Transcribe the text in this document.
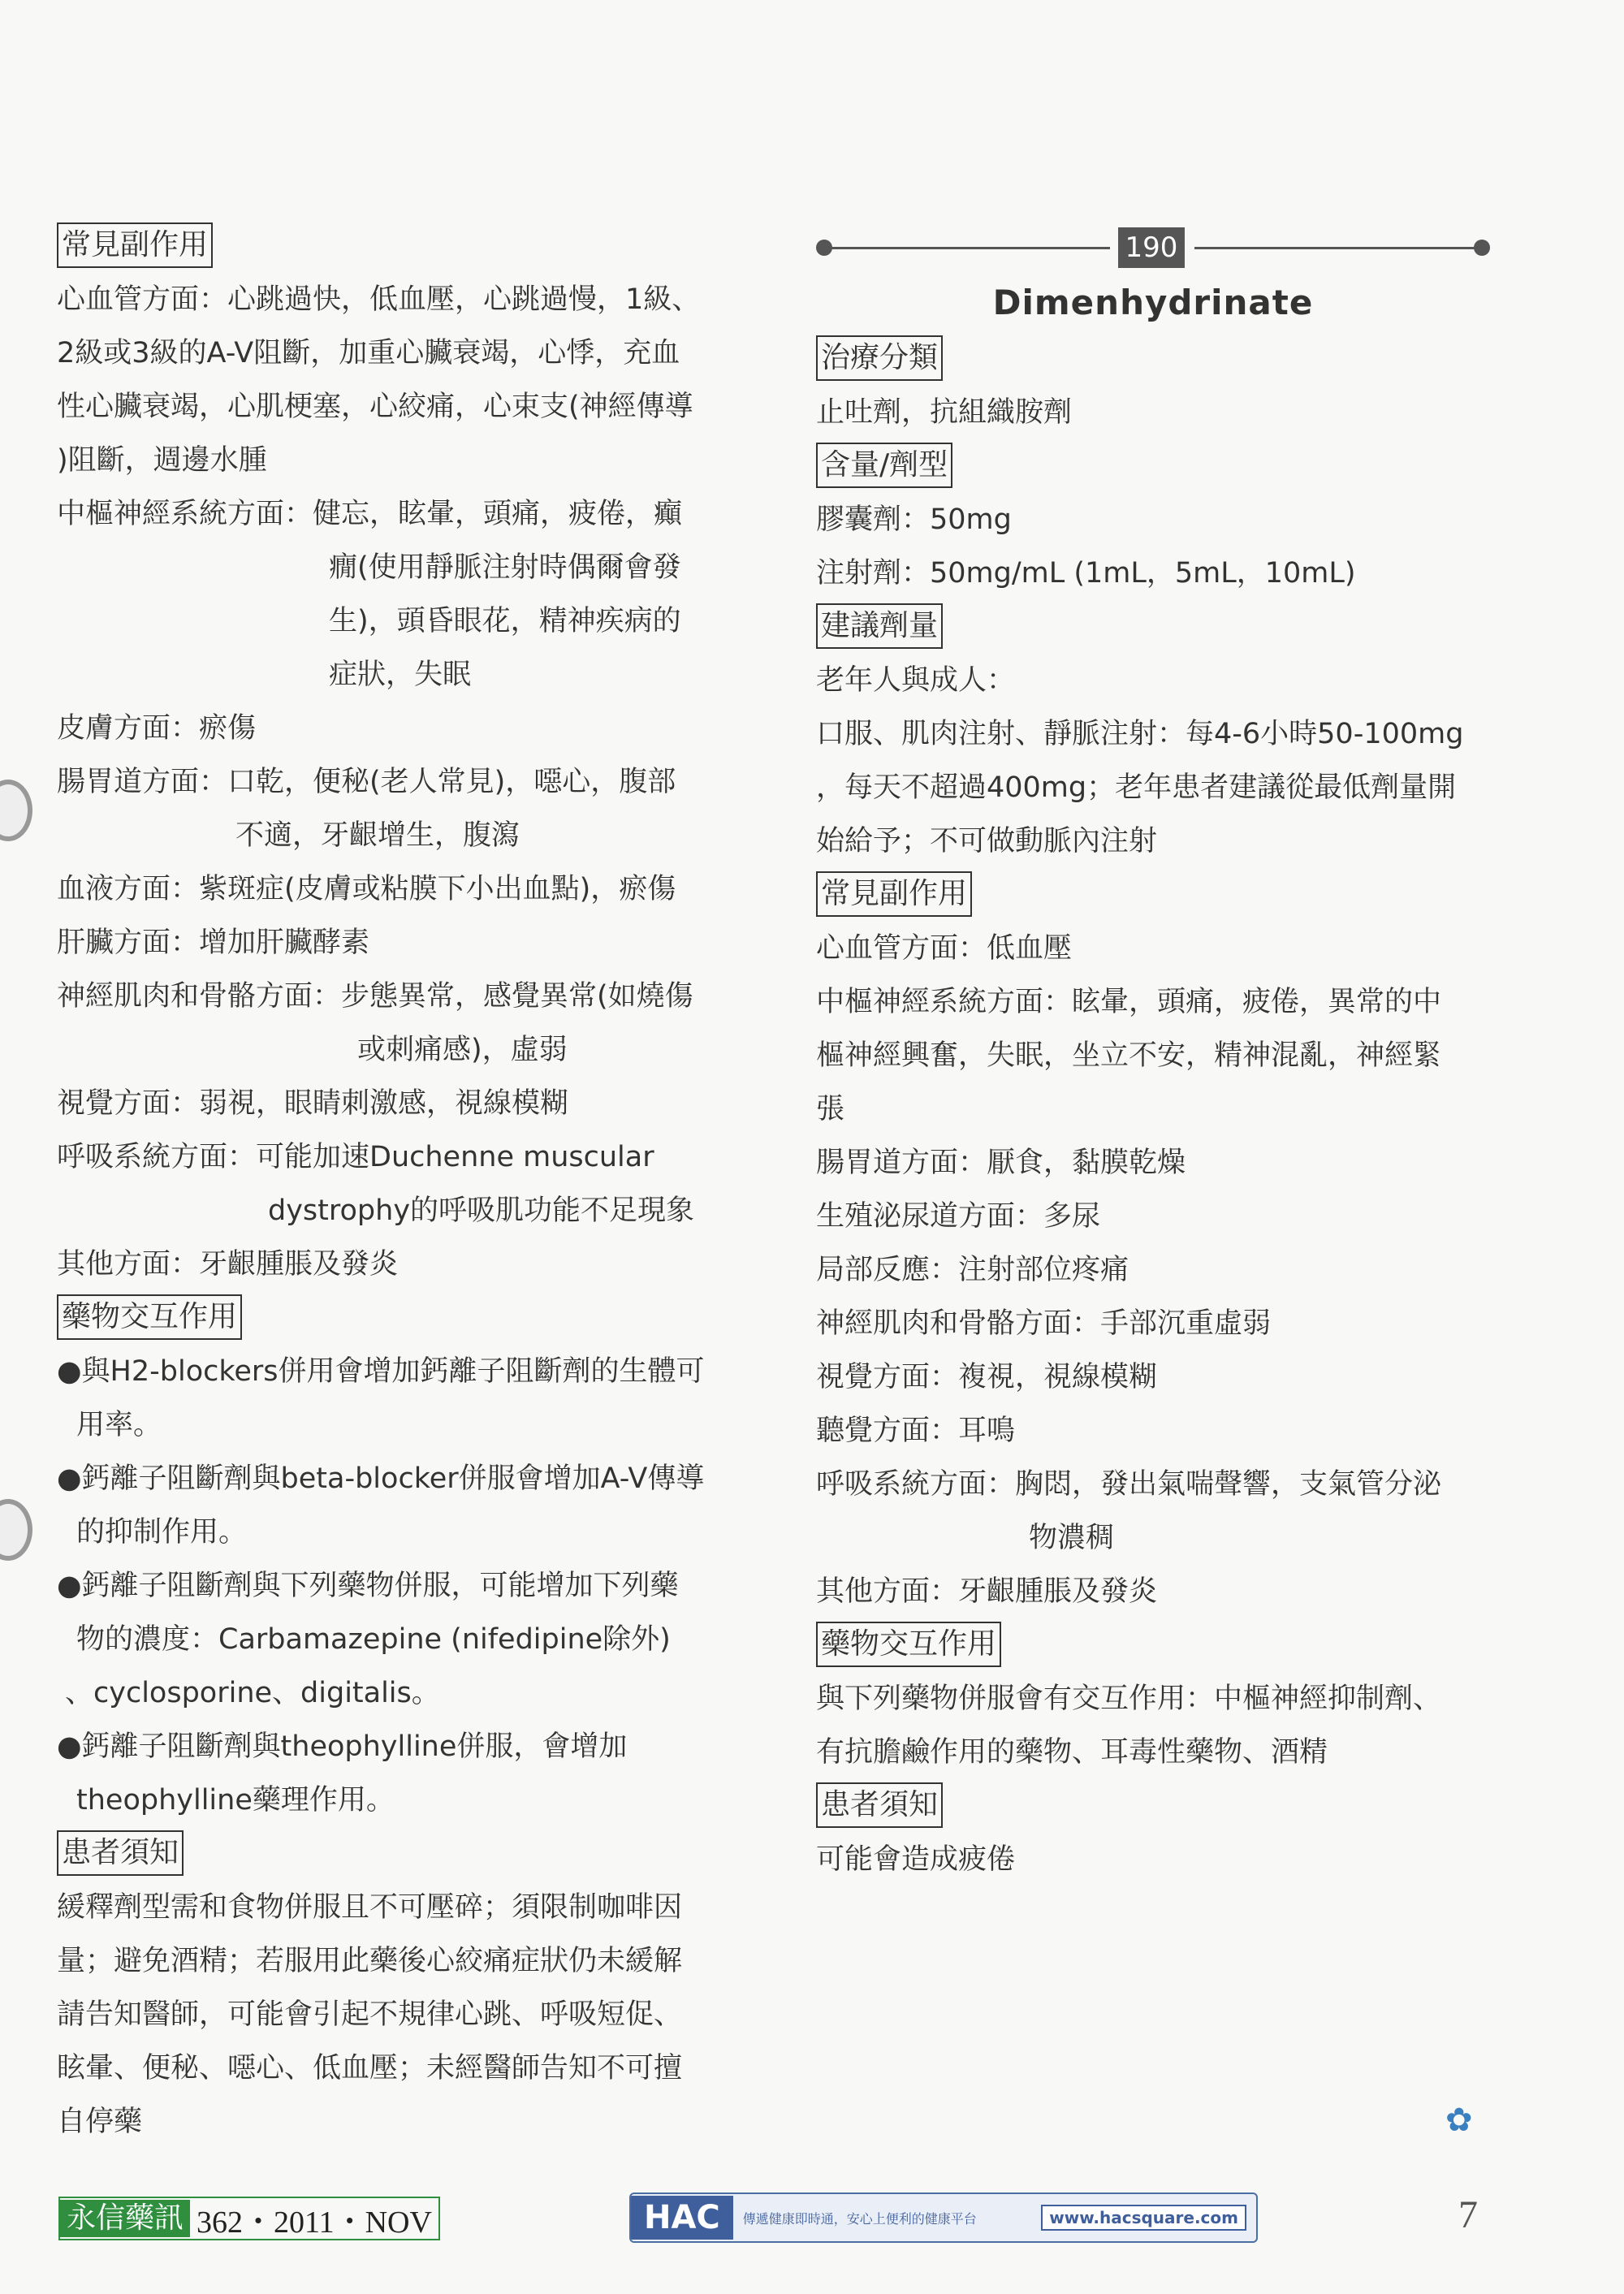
常見副作用
心血管方面：心跳過快，低血壓，心跳過慢，1級、
2級或3級的A-V阻斷，加重心臟衰竭，心悸，充血
性心臟衰竭，心肌梗塞，心絞痛，心束支(神經傳導
)阻斷，週邊水腫
中樞神經系統方面：健忘，眩暈，頭痛，疲倦，癲
癇(使用靜脈注射時偶爾會發
生)，頭昏眼花，精神疾病的
症狀，失眠
皮膚方面：瘀傷
腸胃道方面：口乾，便秘(老人常見)，噁心，腹部
不適，牙齦增生，腹瀉
血液方面：紫斑症(皮膚或粘膜下小出血點)，瘀傷
肝臟方面：增加肝臟酵素
神經肌肉和骨骼方面：步態異常，感覺異常(如燒傷
或刺痛感)，虛弱
視覺方面：弱視，眼睛刺激感，視線模糊
呼吸系統方面：可能加速Duchenne muscular
dystrophy的呼吸肌功能不足現象
其他方面：牙齦腫脹及發炎
藥物交互作用
●與H2-blockers併用會增加鈣離子阻斷劑的生體可
用率。
●鈣離子阻斷劑與beta-blocker併服會增加A-V傳導
的抑制作用。
●鈣離子阻斷劑與下列藥物併服，可能增加下列藥
物的濃度：Carbamazepine (nifedipine除外)
、cyclosporine、digitalis。
●鈣離子阻斷劑與theophylline併服，會增加
theophylline藥理作用。
患者須知
緩釋劑型需和食物併服且不可壓碎；須限制咖啡因
量；避免酒精；若服用此藥後心絞痛症狀仍未緩解
請告知醫師，可能會引起不規律心跳、呼吸短促、
眩暈、便秘、噁心、低血壓；未經醫師告知不可擅
自停藥
190
Dimenhydrinate
治療分類
止吐劑，抗組織胺劑
含量/劑型
膠囊劑：50mg
注射劑：50mg/mL (1mL，5mL，10mL)
建議劑量
老年人與成人：
口服、肌肉注射、靜脈注射：每4-6小時50-100mg
，每天不超過400mg；老年患者建議從最低劑量開
始給予；不可做動脈內注射
常見副作用
心血管方面：低血壓
中樞神經系統方面：眩暈，頭痛，疲倦，異常的中
樞神經興奮，失眠，坐立不安，精神混亂，神經緊
張
腸胃道方面：厭食，黏膜乾燥
生殖泌尿道方面：多尿
局部反應：注射部位疼痛
神經肌肉和骨骼方面：手部沉重虛弱
視覺方面：複視，視線模糊
聽覺方面：耳鳴
呼吸系統方面：胸悶，發出氣喘聲響，支氣管分泌
物濃稠
其他方面：牙齦腫脹及發炎
藥物交互作用
與下列藥物併服會有交互作用：中樞神經抑制劑、
有抗膽鹼作用的藥物、耳毒性藥物、酒精
患者須知
可能會造成疲倦
✿
永信藥訊 362・2011・NOV	HAC	傳遞健康即時通，安心上便利的健康平台	www.hacsquare.com	7
